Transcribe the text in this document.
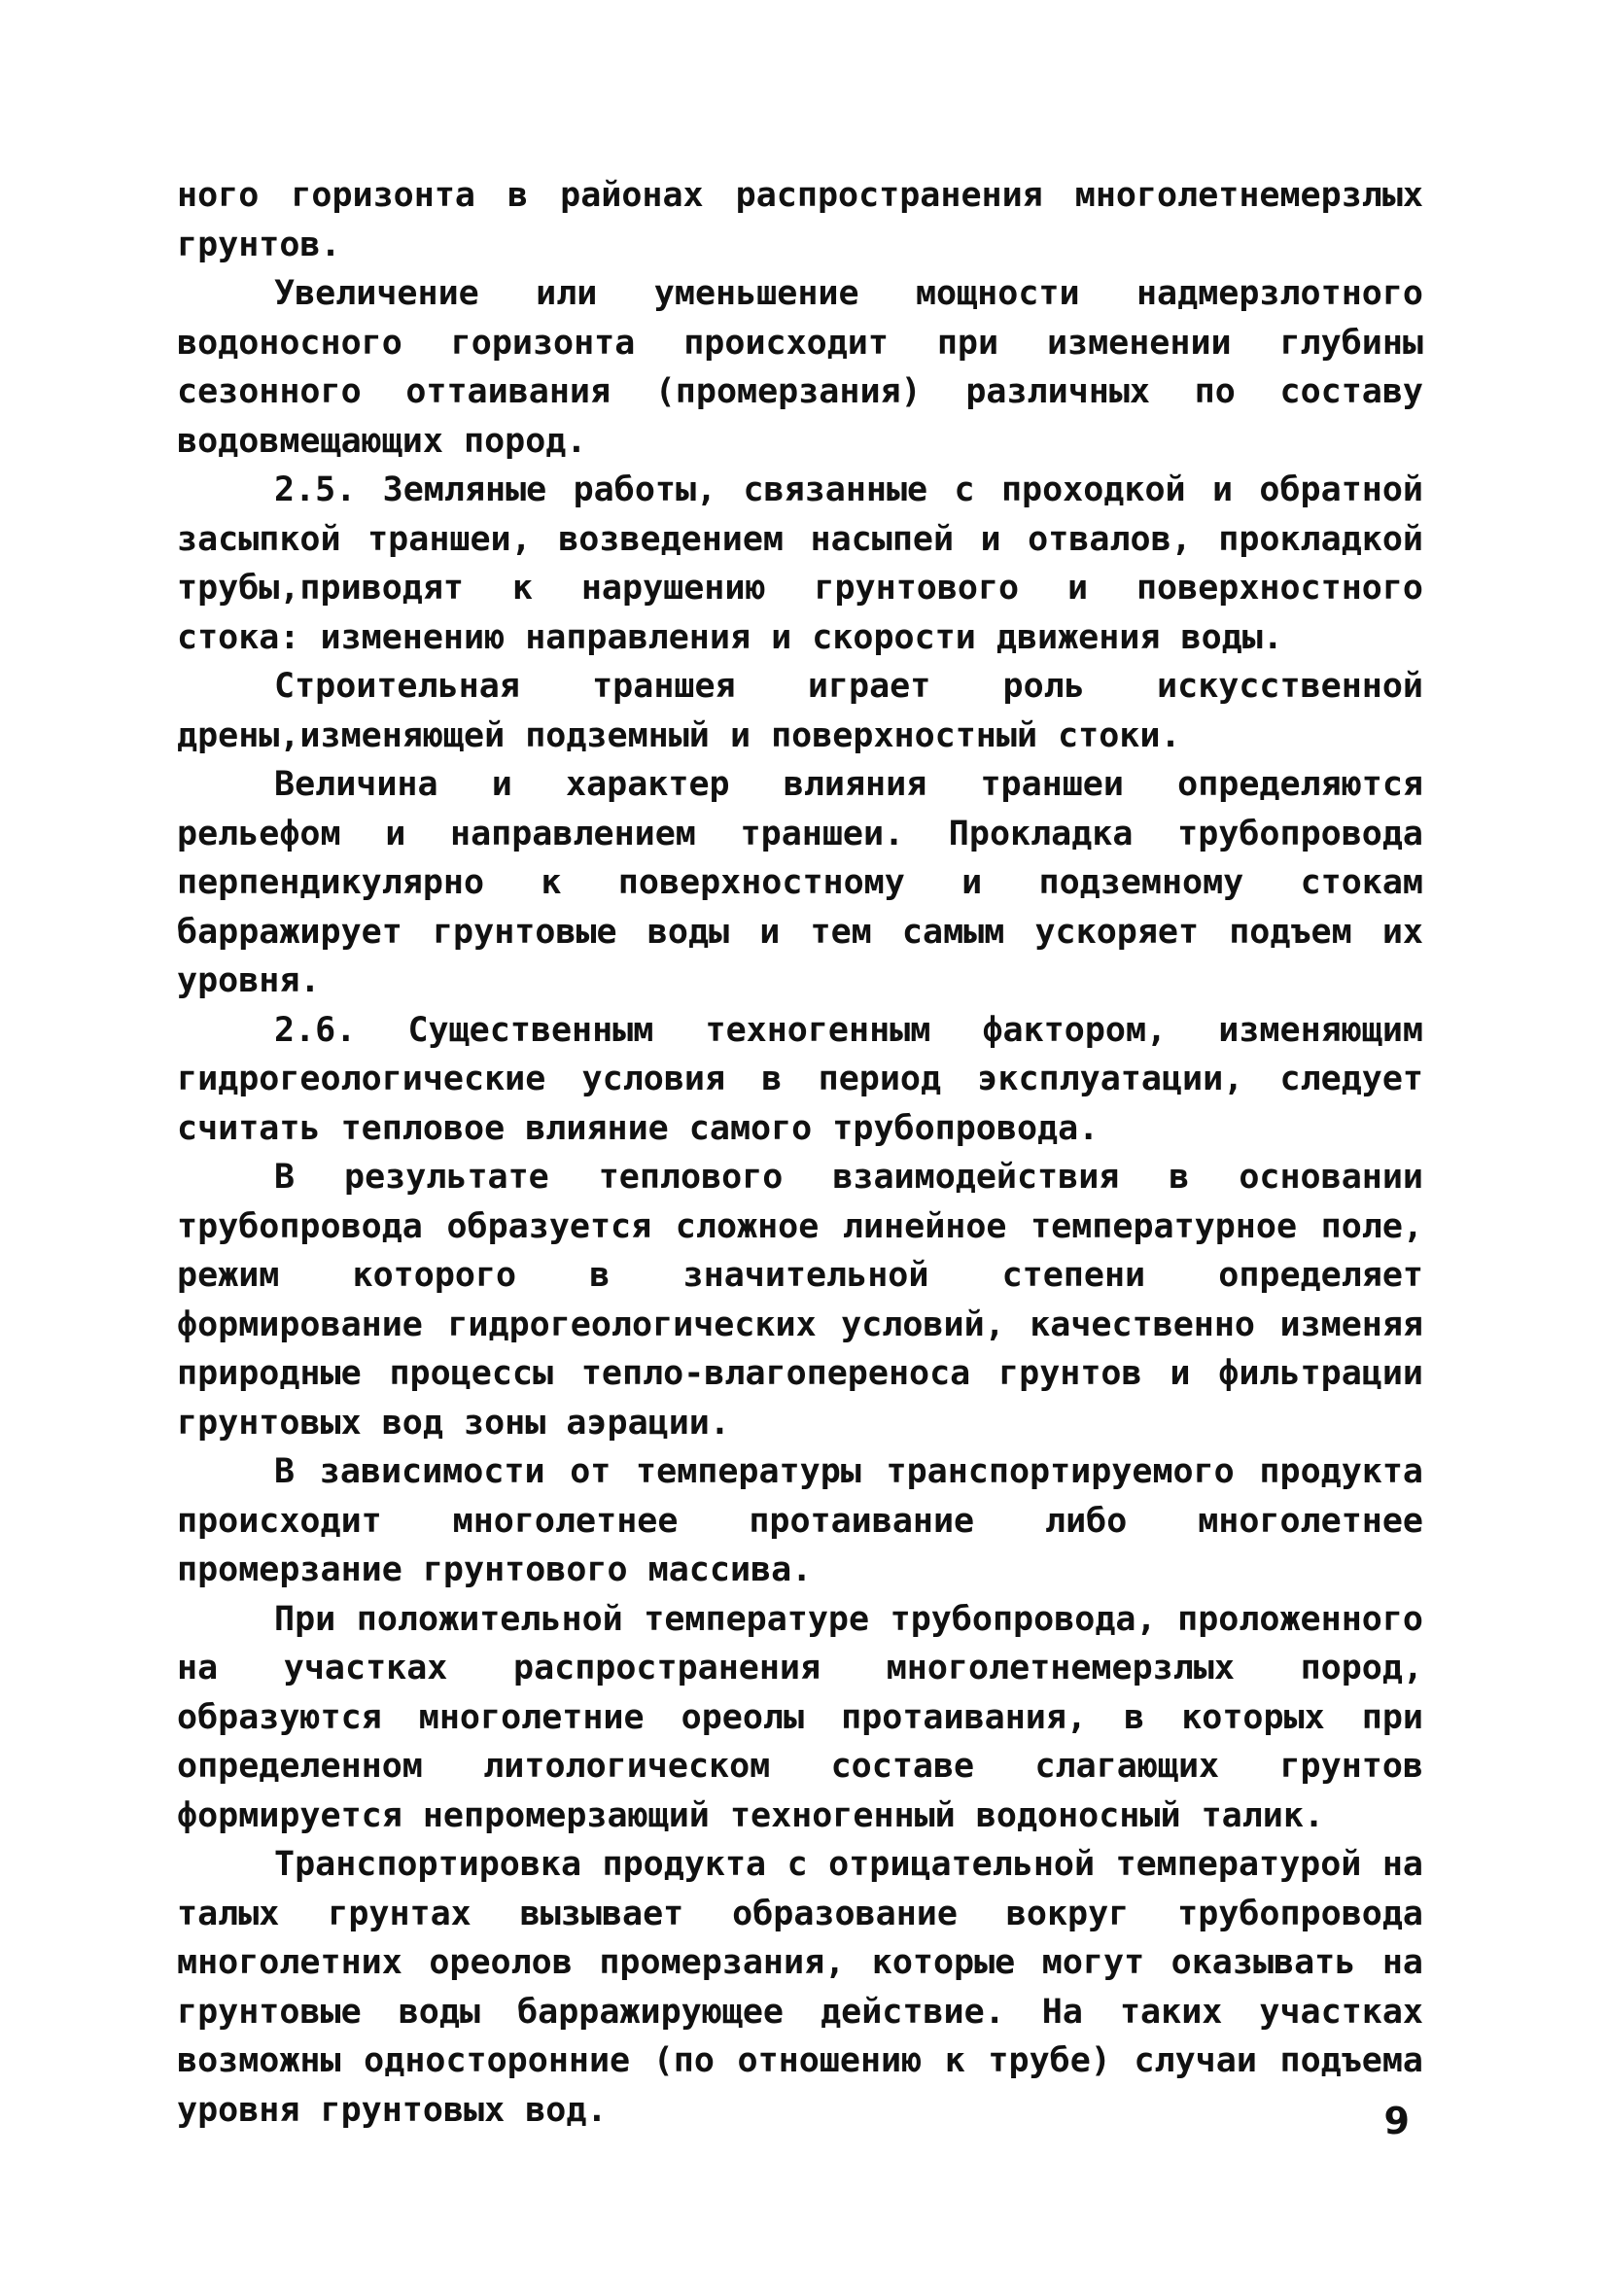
ного горизонта в районах распространения многолетнемерзлых грунтов.

Увеличение или уменьшение мощности надмерзлотного водоносного горизонта происходит при изменении глубины сезонного оттаивания (промерзания) различных по составу водовмещающих пород.

2.5. Земляные работы, связанные с проходкой и обратной засыпкой траншеи, возведением насыпей и отвалов, прокладкой трубы,приводят к нарушению грунтового и поверхностного стока: изменению направления и скорости движения воды.

Строительная траншея играет роль искусственной дрены,изменяющей подземный и поверхностный стоки.

Величина и характер влияния траншеи определяются рельефом и направлением траншеи. Прокладка трубопровода перпендикулярно к поверхностному и подземному стокам барражирует грунтовые воды и тем самым ускоряет подъем их уровня.

2.6. Существенным техногенным фактором, изменяющим гидрогеологические условия в период эксплуатации, следует считать тепловое влияние самого трубопровода.

В результате теплового взаимодействия в основании трубопровода образуется сложное линейное температурное поле, режим которого в значительной степени определяет формирование гидрогеологических условий, качественно изменяя природные процессы тепло-влагопереноса грунтов и фильтрации грунтовых вод зоны аэрации.

В зависимости от температуры транспортируемого продукта происходит многолетнее протаивание либо многолетнее промерзание грунтового массива.

При положительной температуре трубопровода, проложенного на участках распространения многолетнемерзлых пород, образуются многолетние ореолы протаивания, в которых при определенном литологическом составе слагающих грунтов формируется непромерзающий техногенный водоносный талик.

Транспортировка продукта с отрицательной температурой на талых грунтах вызывает образование вокруг трубопровода многолетних ореолов промерзания, которые могут оказывать на грунтовые воды барражирующее действие. На таких участках возможны односторонние (по отношению к трубе) случаи подъема уровня грунтовых вод.	9
